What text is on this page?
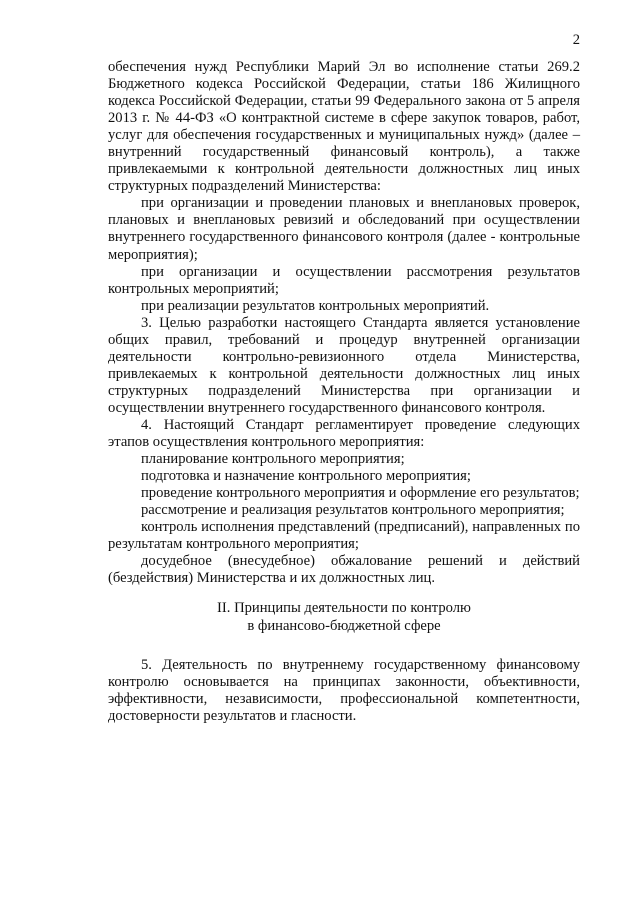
2

обеспечения нужд Республики Марий Эл во исполнение статьи 269.2 Бюджетного кодекса Российской Федерации, статьи 186 Жилищного кодекса Российской Федерации, статьи 99 Федерального закона от 5 апреля 2013 г. № 44-ФЗ «О контрактной системе в сфере закупок товаров, работ, услуг для обеспечения государственных и муниципальных нужд» (далее – внутренний государственный финансовый контроль), а также привлекаемыми к контрольной деятельности должностных лиц иных структурных подразделений Министерства:

при организации и проведении плановых и внеплановых проверок, плановых и внеплановых ревизий и обследований при осуществлении внутреннего государственного финансового контроля (далее - контрольные мероприятия);

при организации и осуществлении рассмотрения результатов контрольных мероприятий;

при реализации результатов контрольных мероприятий.

3. Целью разработки настоящего Стандарта является установление общих правил, требований и процедур внутренней организации деятельности контрольно-ревизионного отдела Министерства, привлекаемых к контрольной деятельности должностных лиц иных структурных подразделений Министерства при организации и осуществлении внутреннего государственного финансового контроля.

4. Настоящий Стандарт регламентирует проведение следующих этапов осуществления контрольного мероприятия:

планирование контрольного мероприятия;

подготовка и назначение контрольного мероприятия;

проведение контрольного мероприятия и оформление его результатов;

рассмотрение и реализация результатов контрольного мероприятия;

контроль исполнения представлений (предписаний), направленных по результатам контрольного мероприятия;

досудебное (внесудебное) обжалование решений и действий (бездействия) Министерства и их должностных лиц.

II. Принципы деятельности по контролю
в финансово-бюджетной сфере

5. Деятельность по внутреннему государственному финансовому контролю основывается на принципах законности, объективности, эффективности, независимости, профессиональной компетентности, достоверности результатов и гласности.
